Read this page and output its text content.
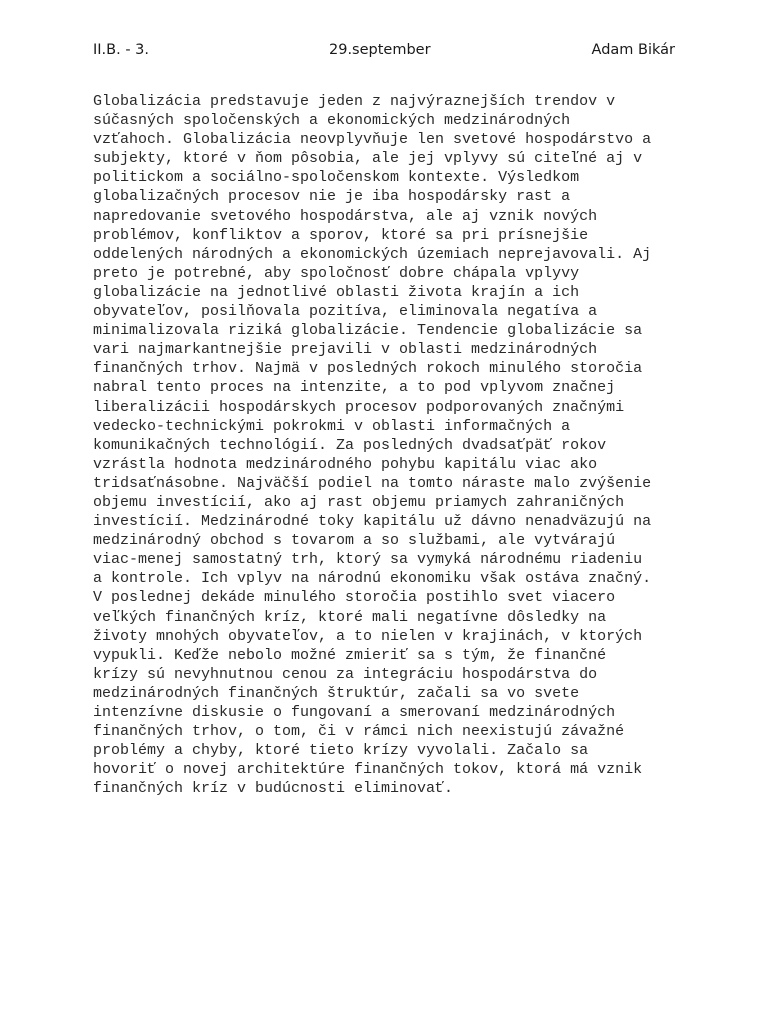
II.B. - 3.	29.september	Adam Bikár
Globalizácia predstavuje jeden z najvýraznejších trendov v
súčasných spoločenských a ekonomických medzinárodných
vzťahoch. Globalizácia neovplyvňuje len svetové hospodárstvo a
subjekty, ktoré v ňom pôsobia, ale jej vplyvy sú citeľné aj v
politickom a sociálno-spoločenskom kontexte. Výsledkom
globalizačných procesov nie je iba hospodársky rast a
napredovanie svetového hospodárstva, ale aj vznik nových
problémov, konfliktov a sporov, ktoré sa pri prísnejšie
oddelených národných a ekonomických územiach neprejavovali. Aj
preto je potrebné, aby spoločnosť dobre chápala vplyvy
globalizácie na jednotlivé oblasti života krajín a ich
obyvateľov, posilňovala pozitíva, eliminovala negatíva a
minimalizovala riziká globalizácie. Tendencie globalizácie sa
vari najmarkantnejšie prejavili v oblasti medzinárodných
finančných trhov. Najmä v posledných rokoch minulého storočia
nabral tento proces na intenzite, a to pod vplyvom značnej
liberalizácii hospodárskych procesov podporovaných značnými
vedecko-technickými pokrokmi v oblasti informačných a
komunikačných technológií. Za posledných dvadsaťpäť rokov
vzrástla hodnota medzinárodného pohybu kapitálu viac ako
tridsaťnásobne. Najväčší podiel na tomto náraste malo zvýšenie
objemu investícií, ako aj rast objemu priamych zahraničných
investícií. Medzinárodné toky kapitálu už dávno nenadväzujú na
medzinárodný obchod s tovarom a so službami, ale vytvárajú
viac-menej samostatný trh, ktorý sa vymyká národnému riadeniu
a kontrole. Ich vplyv na národnú ekonomiku však ostáva značný.
V poslednej dekáde minulého storočia postihlo svet viacero
veľkých finančných kríz, ktoré mali negatívne dôsledky na
životy mnohých obyvateľov, a to nielen v krajinách, v ktorých
vypukli. Keďže nebolo možné zmieriť sa s tým, že finančné
krízy sú nevyhnutnou cenou za integráciu hospodárstva do
medzinárodných finančných štruktúr, začali sa vo svete
intenzívne diskusie o fungovaní a smerovaní medzinárodných
finančných trhov, o tom, či v rámci nich neexistujú závažné
problémy a chyby, ktoré tieto krízy vyvolali. Začalo sa
hovoriť o novej architektúre finančných tokov, ktorá má vznik
finančných kríz v budúcnosti eliminovať.
